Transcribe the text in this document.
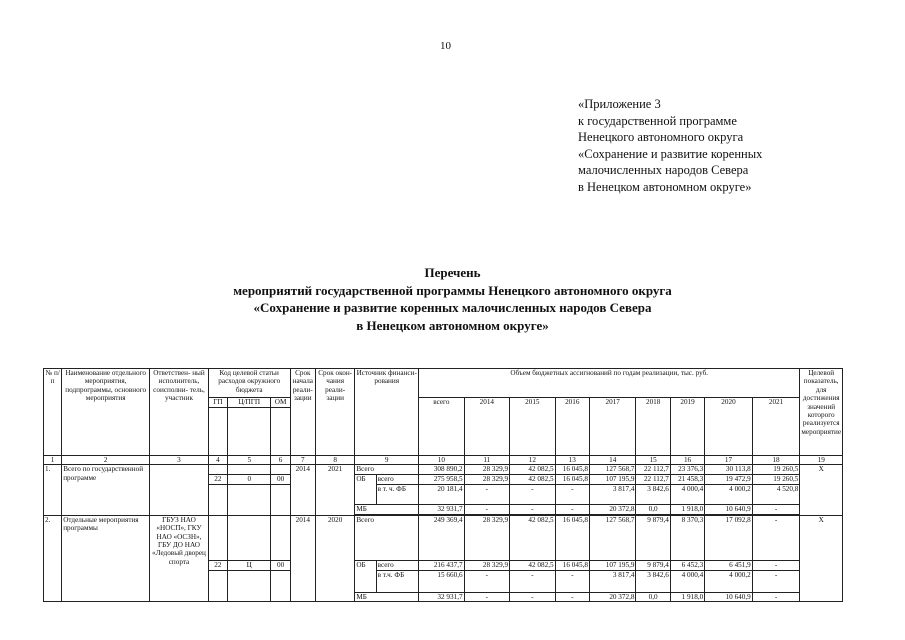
10
«Приложение 3
к государственной программе
Ненецкого автономного округа
«Сохранение и развитие коренных
малочисленных народов Севера
в Ненецком автономном округе»
Перечень
мероприятий государственной программы Ненецкого автономного округа
«Сохранение и развитие коренных малочисленных народов Севера
в Ненецком автономном округе»
№ п/п	Наименование отдельного мероприятия, подпрограммы, основного мероприятия	Ответствен- ный исполнитель, соисполни- тель, участник	Код целевой статьи расходов окружного бюджета			Срок начала реали- зации	Срок окон- чания реали- зации	Источник финанси- рования		Объем бюджетных ассигнований по годам реализации, тыс. руб.									Целевой показатель, для достижения значений которого реализуется мероприятие
			ГП	Ц/ПГП	ОМ					всего	2014	2015	2016	2017	2018	2019	2020	2021	

1	2	3	4	5	6	7	8	9		10	11	12	13	14	15	16	17	18	19
1.	Всего по государственной программе					2014	2021	Всего		308 890,2	28 329,9	42 082,5	16 045,8	127 568,7	22 112,7	23 376,3	30 113,8	19 260,5	X
			22	0	00			ОБ	всего	275 958,5	28 329,9	42 082,5	16 045,8	107 195,9	22 112,7	21 458,3	19 472,9	19 260,5	
									в т. ч. ФБ	20 181,4	-	-	-	3 817,4	3 842,6	4 000,4	4 000,2	4 520,8	
								МБ		32 931,7	-	-	-	20 372,8	0,0	1 918,0	10 640,9	-	

2.	Отдельные мероприятия программы	ГБУЗ НАО «НОСП», ГКУ НАО «ОСЗН», ГБУ ДО НАО «Ледовый дворец спорта				2014	2020	Всего		249 369,4	28 329,9	42 082,5	16 045,8	127 568,7	9 879,4	8 370,3	17 092,8	-	X
			22	Ц	00			ОБ	всего	216 437,7	28 329,9	42 082,5	16 045,8	107 195,9	9 879,4	6 452,3	6 451,9	-	
									в т.ч. ФБ	15 660,6	-	-	-	3 817,4	3 842,6	4 000,4	4 000,2	-	
								МБ		32 931,7	-	-	-	20 372,8	0,0	1 918,0	10 640,9	-	
